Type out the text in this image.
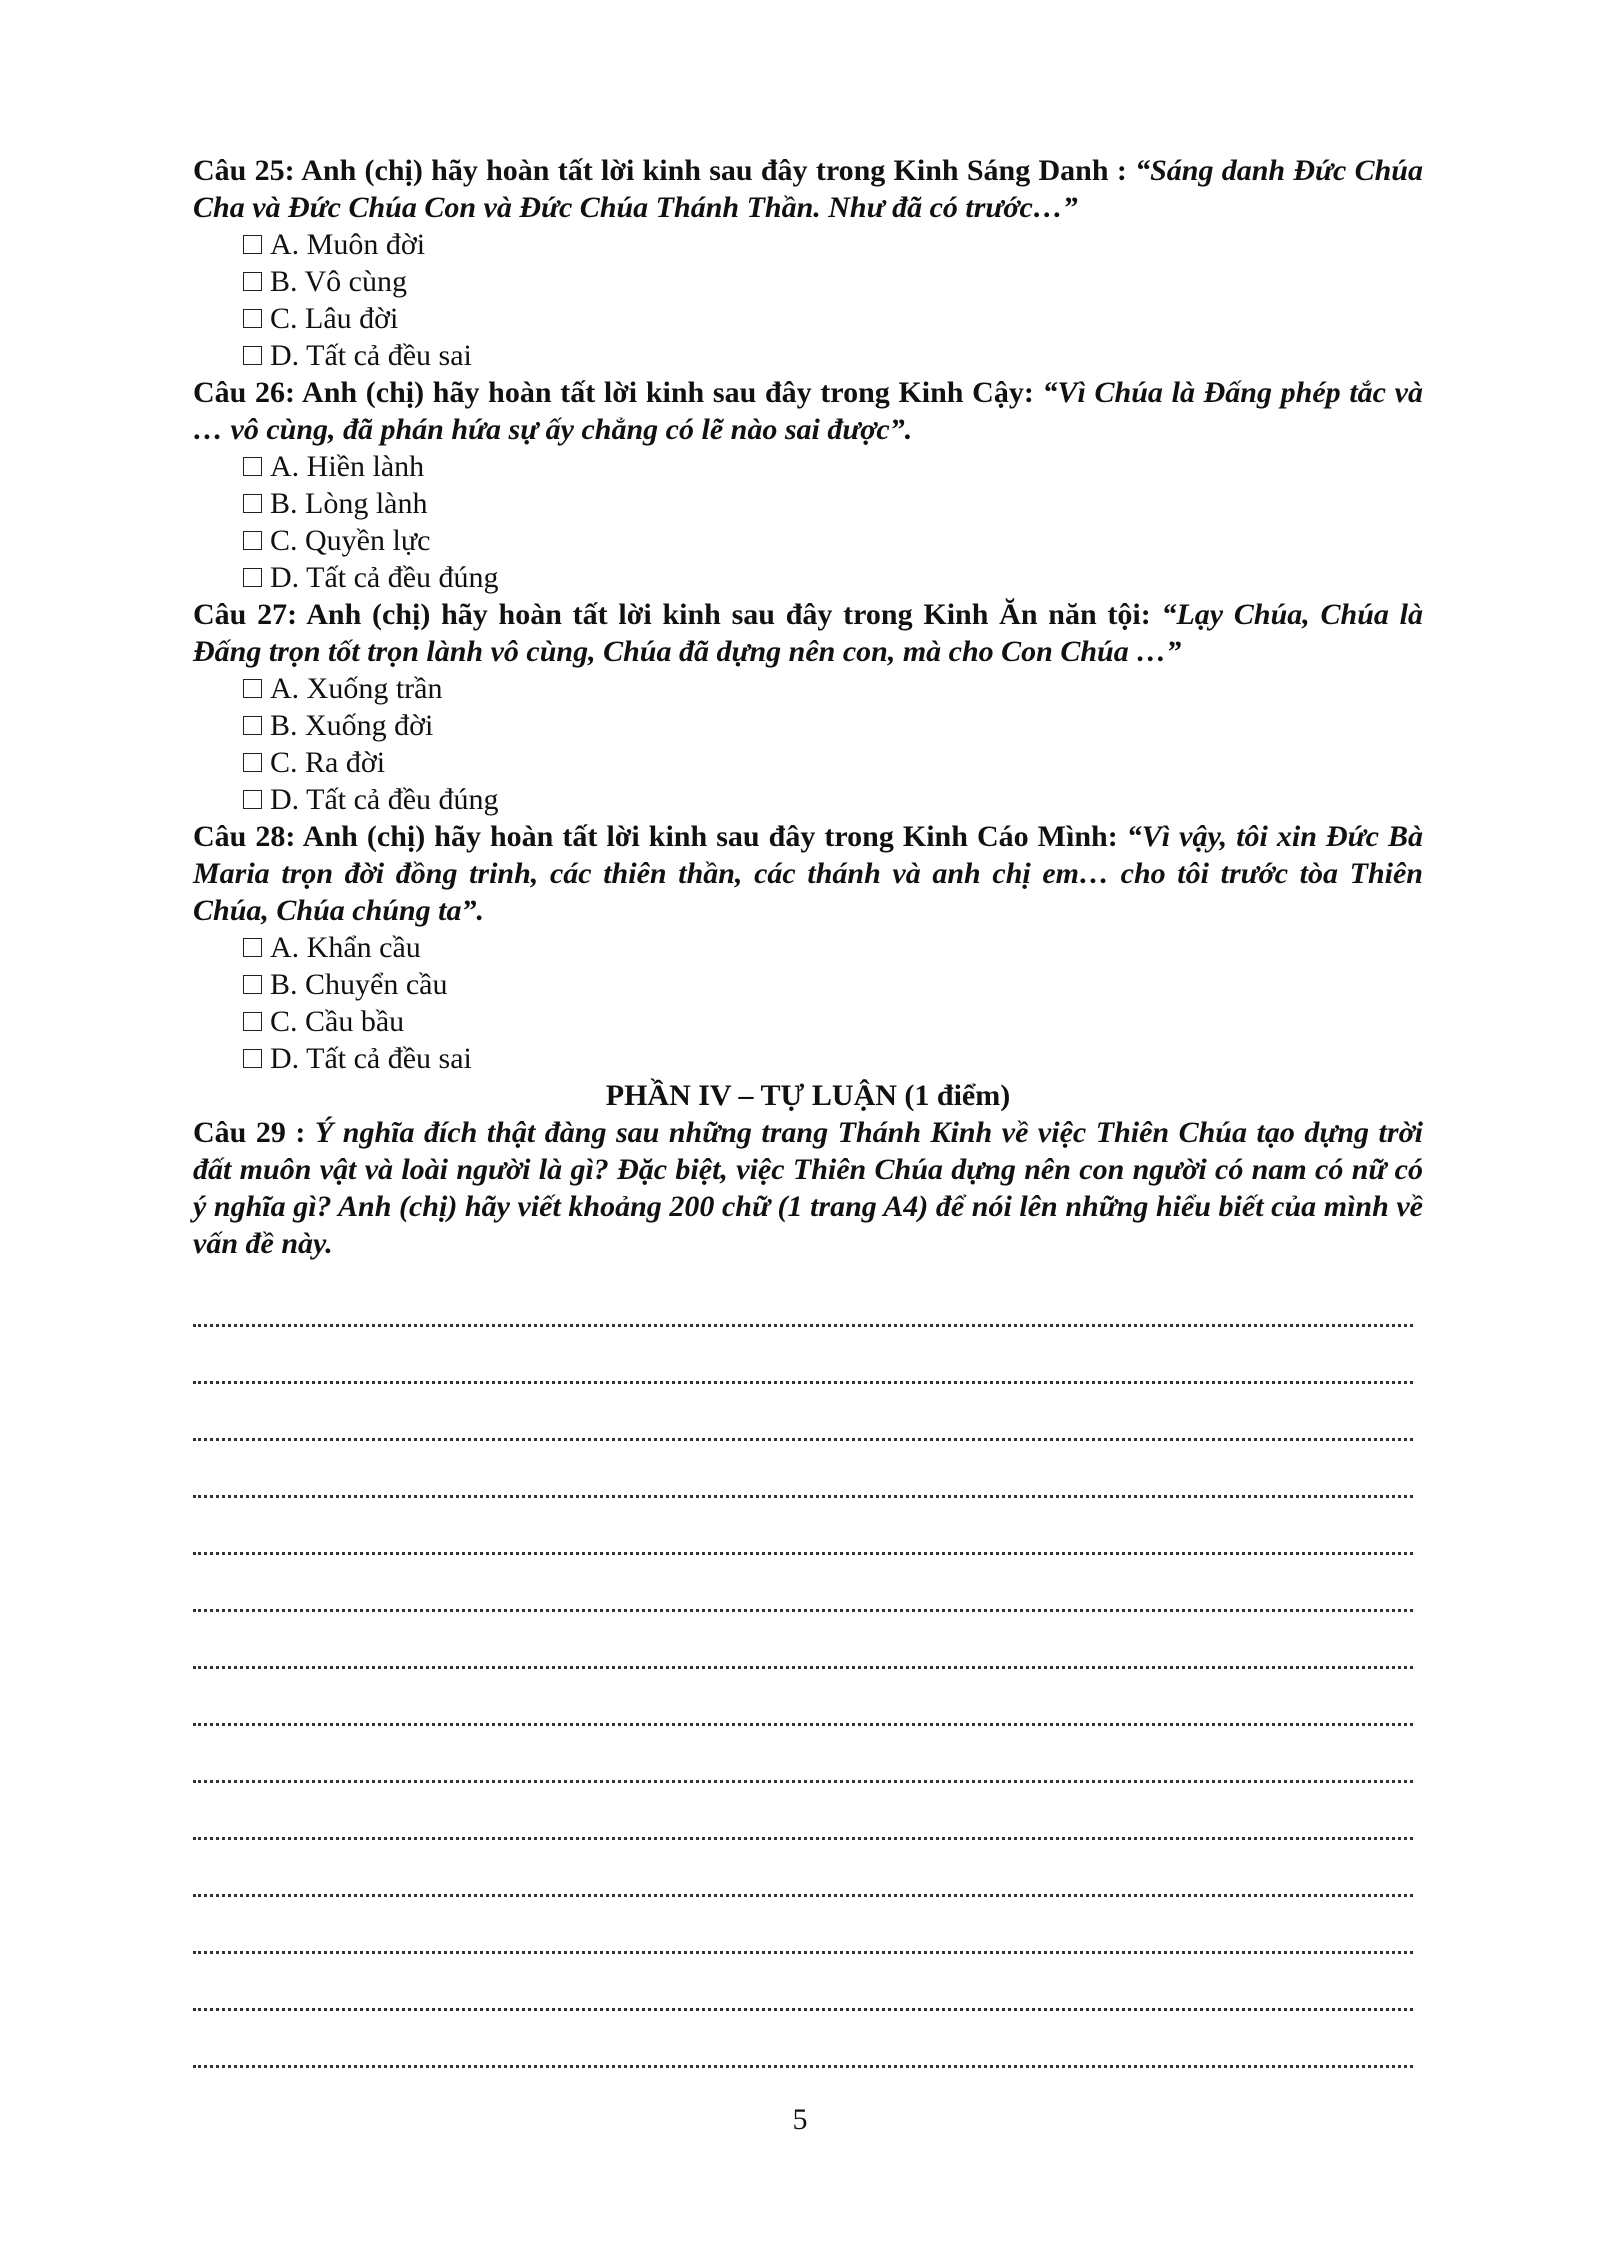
Câu 25: Anh (chị) hãy hoàn tất lời kinh sau đây trong Kinh Sáng Danh : “Sáng danh Đức Chúa Cha và Đức Chúa Con và Đức Chúa Thánh Thần. Như đã có trước…”

A. Muôn đời
B. Vô cùng
C. Lâu đời
D. Tất cả đều sai

Câu 26: Anh (chị) hãy hoàn tất lời kinh sau đây trong Kinh Cậy: “Vì Chúa là Đấng phép tắc và … vô cùng, đã phán hứa sự ấy chẳng có lẽ nào sai được”.

A. Hiền lành
B. Lòng lành
C. Quyền lực
D. Tất cả đều đúng

Câu 27: Anh (chị) hãy hoàn tất lời kinh sau đây trong Kinh Ăn năn tội: “Lạy Chúa, Chúa là Đấng trọn tốt trọn lành vô cùng, Chúa đã dựng nên con, mà cho Con Chúa …”

A. Xuống trần
B. Xuống đời
C. Ra đời
D. Tất cả đều đúng

Câu 28: Anh (chị) hãy hoàn tất lời kinh sau đây trong Kinh Cáo Mình: “Vì vậy, tôi xin Đức Bà Maria trọn đời đồng trinh, các thiên thần, các thánh và anh chị em… cho tôi trước tòa Thiên Chúa, Chúa chúng ta”.

A. Khẩn cầu
B. Chuyển cầu
C. Cầu bầu
D. Tất cả đều sai

PHẦN IV – TỰ LUẬN (1 điểm)

Câu 29 : Ý nghĩa đích thật đàng sau những trang Thánh Kinh về việc Thiên Chúa tạo dựng trời đất muôn vật và loài người là gì? Đặc biệt, việc Thiên Chúa dựng nên con người có nam có nữ có ý nghĩa gì? Anh (chị) hãy viết khoảng 200 chữ (1 trang A4) để nói lên những hiểu biết của mình về vấn đề này.

5
